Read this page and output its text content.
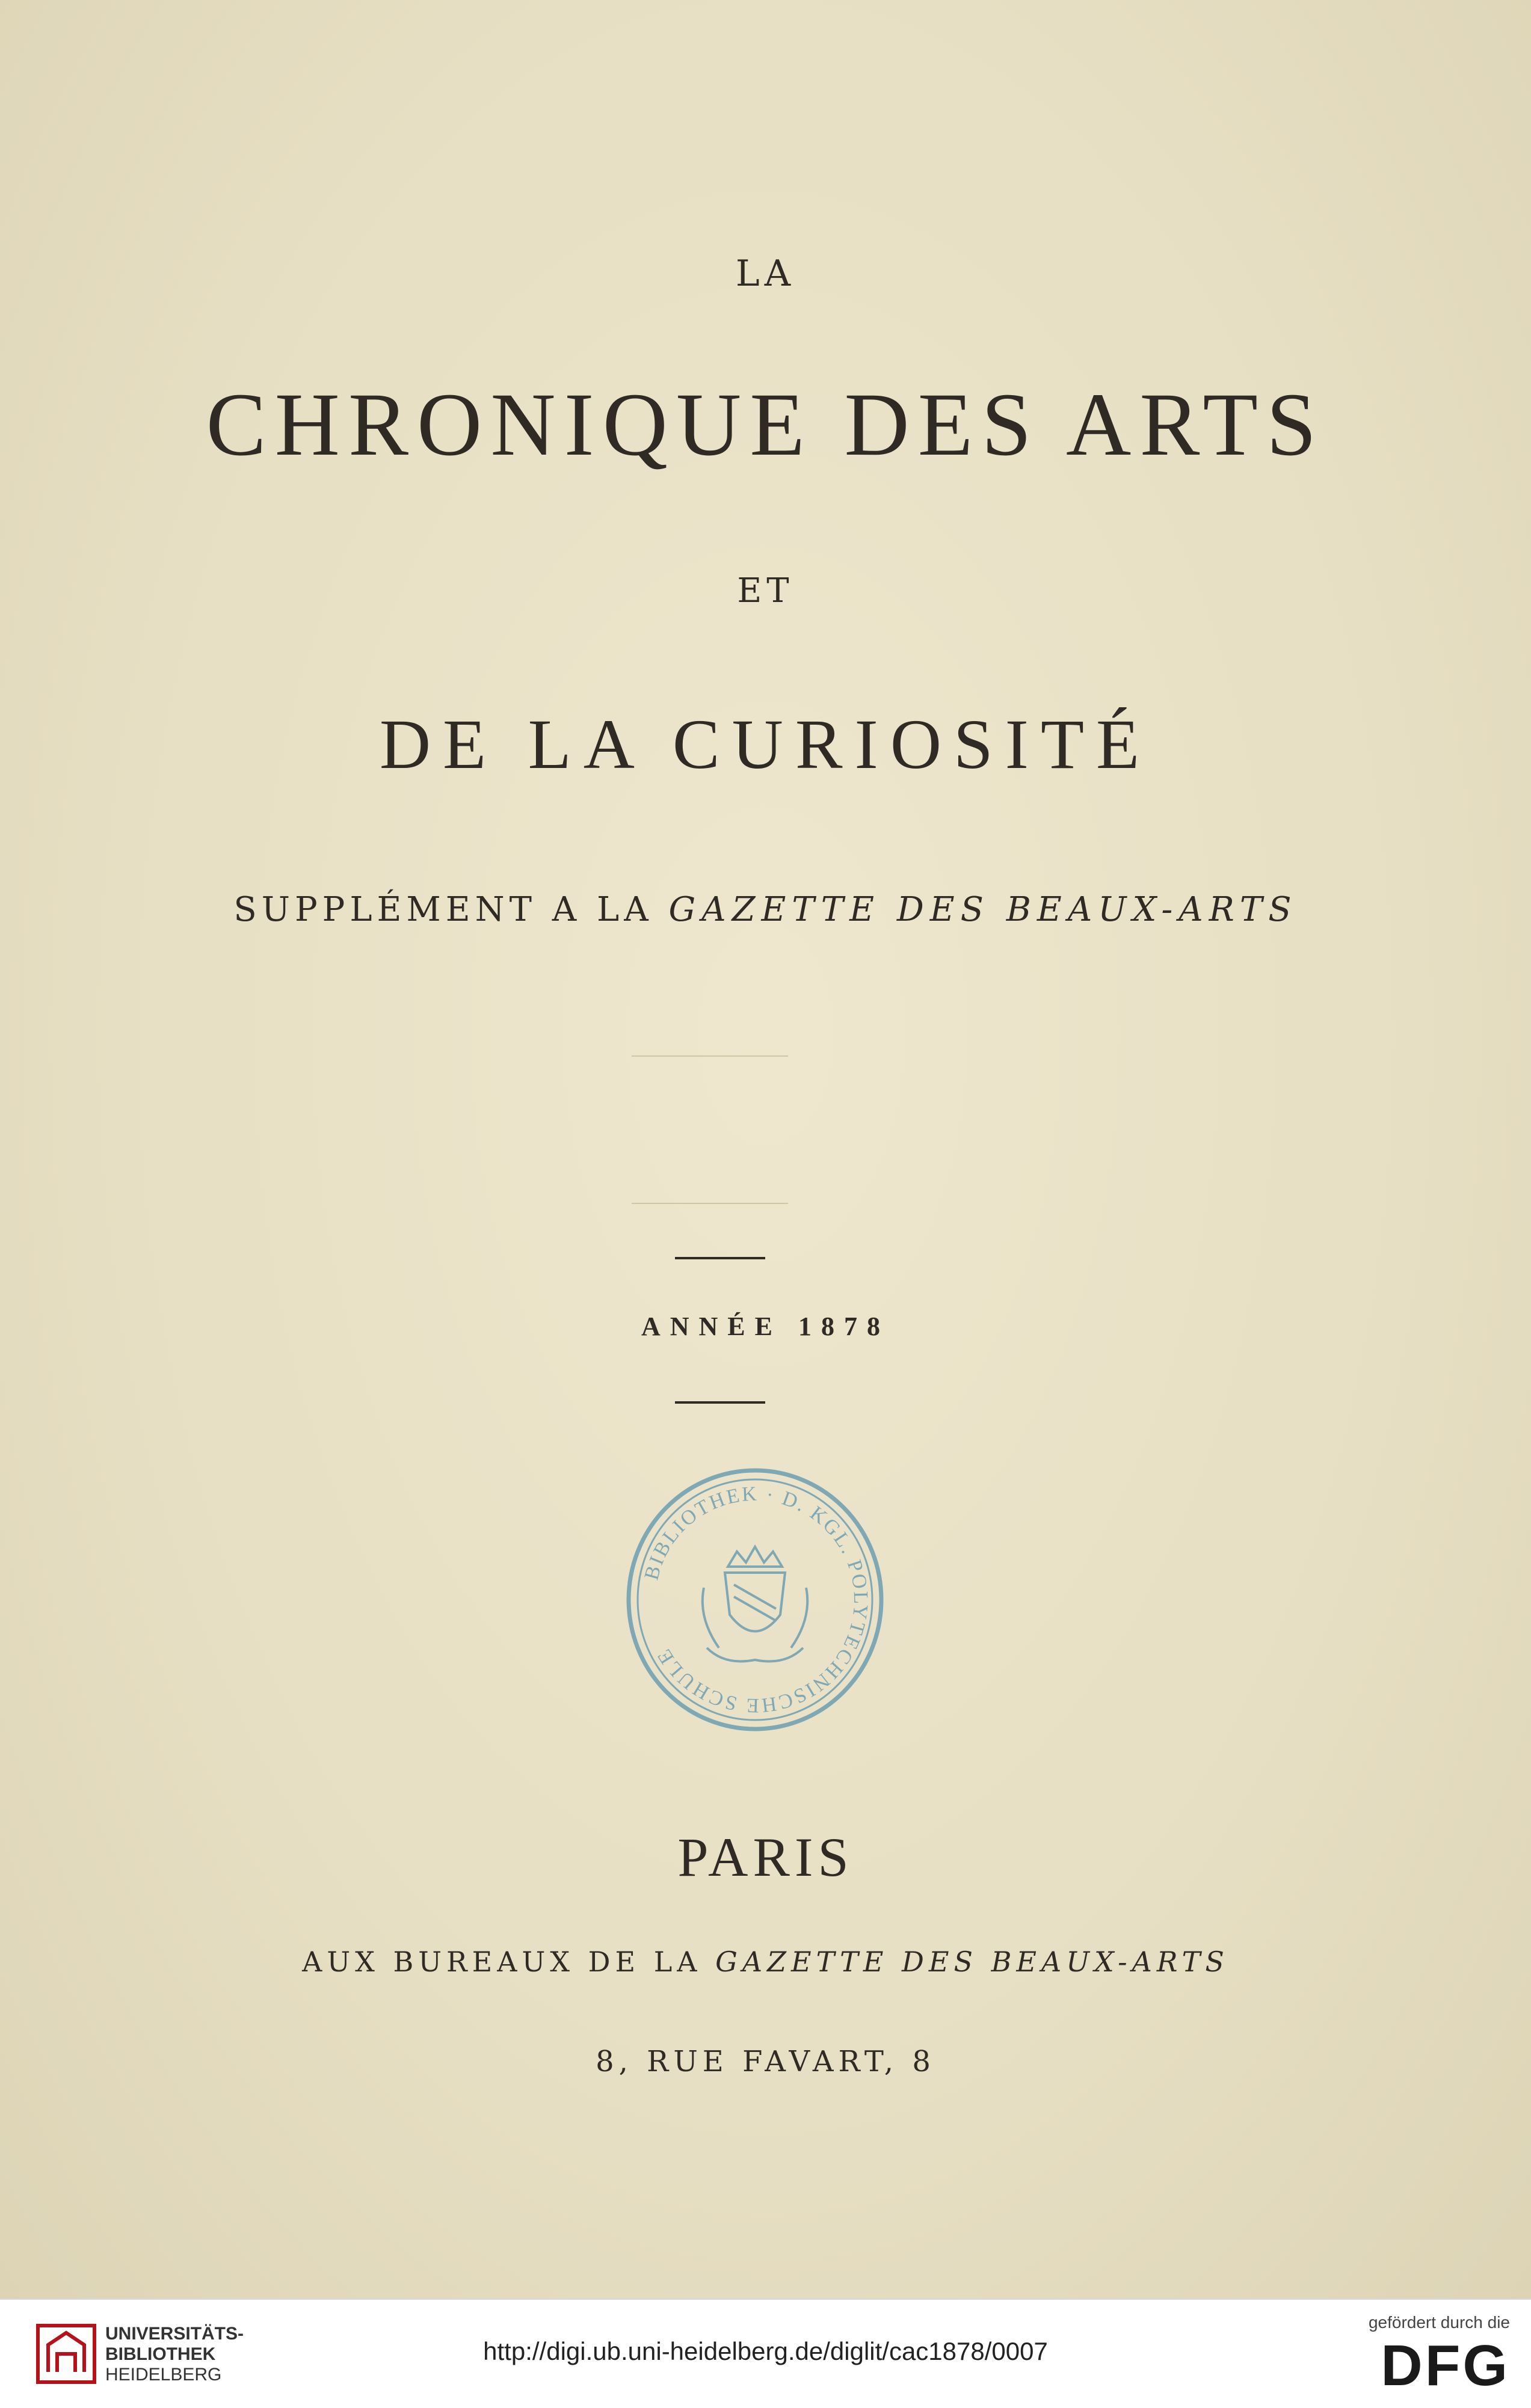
LA
CHRONIQUE DES ARTS
ET
DE LA CURIOSITÉ
SUPPLÉMENT A LA GAZETTE DES BEAUX-ARTS
ANNÉE 1878
BIBLIOTHEK · D. KGL. POLYTECHNISCHE SCHULE
PARIS
AUX BUREAUX DE LA GAZETTE DES BEAUX-ARTS
8, RUE FAVART, 8
UNIVERSITÄTS-
BIBLIOTHEK
HEIDELBERG
http://digi.ub.uni-heidelberg.de/diglit/cac1878/0007
gefördert durch die
DFG
